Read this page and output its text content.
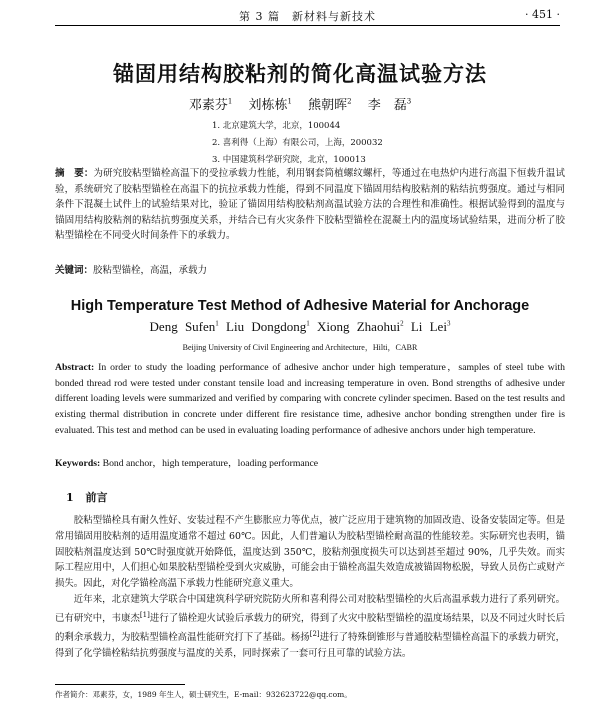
第 3 篇　新材料与新技术	· 451 ·
锚固用结构胶粘剂的简化高温试验方法
邓素芬$^1$ 刘栋栋$^1$ 熊朝晖$^2$ 李　磊$^3$
1. 北京建筑大学，北京，100044
2. 喜利得（上海）有限公司，上海，200032
3. 中国建筑科学研究院，北京，100013
摘　要：为研究胶粘型锚栓高温下的受拉承载力性能，利用钢套筒植螺纹螺杆，等通过在电热炉内进行高温下恒载升温试验，系统研究了胶粘型锚栓在高温下的抗拉承载力性能，得到不同温度下锚固用结构胶粘剂的粘结抗剪强度。通过与相同条件下混凝土试件上的试验结果对比，验证了锚固用结构胶粘剂高温试验方法的合理性和准确性。根据试验得到的温度与锚固用结构胶粘剂的粘结抗剪强度关系，并结合已有火灾条件下胶粘型锚栓在混凝土内的温度场试验结果，进而分析了胶粘型锚栓在不同受火时间条件下的承载力。
关键词：胶粘型锚栓，高温，承载力
High Temperature Test Method of Adhesive Material for Anchorage
Deng Sufen$^1$ Liu Dongdong$^1$ Xiong Zhaohui$^2$ Li Lei$^3$
Beijing University of Civil Engineering and Architecture，Hilti，CABR
Abstract: In order to study the loading performance of adhesive anchor under high temperature，samples of steel tube with bonded thread rod were tested under constant tensile load and increasing temperature in oven. Bond strengths of adhesive under different loading levels were summarized and verified by comparing with concrete cylinder specimen. Based on the test results and existing thermal distribution in concrete under different fire resistance time, adhesive anchor bonding strengthen under fire is evaluated. This test and method can be used in evaluating loading performance of adhesive anchors under high temperature.
Keywords: Bond anchor，high temperature，loading performance
1 前言

胶粘型锚栓具有耐久性好、安装过程不产生膨胀应力等优点，被广泛应用于建筑物的加固改造、设备安装固定等。但是常用锚固用胶粘剂的适用温度通常不超过 60℃。因此，人们普遍认为胶粘型锚栓耐高温的性能较差。实际研究也表明，锚固胶粘剂温度达到 50℃时强度就开始降低，温度达到 350℃，胶粘剂强度损失可以达到甚至超过 90%，几乎失效。而实际工程应用中，人们担心如果胶粘型锚栓受到火灾威胁，可能会由于锚栓高温失效造成被锚固物松脱，导致人员伤亡或财产损失。因此，对化学锚栓高温下承载力性能研究意义重大。

近年来，北京建筑大学联合中国建筑科学研究院防火所和喜利得公司对胶粘型锚栓的火后高温承载力进行了系列研究。已有研究中，韦康杰[1]进行了锚栓迎火试验后承载力的研究，得到了火灾中胶粘型锚栓的温度场结果，以及不同过火时长后的剩余承载力，为胶粘型锚栓高温性能研究打下了基础。杨扬[2]进行了特殊倒锥形与普通胶粘型锚栓高温下的承载力研究，得到了化学锚栓粘结抗剪强度与温度的关系，同时探索了一套可行且可靠的试验方法。

作者简介：邓素芬，女，1989 年生人，硕士研究生，E-mail：932623722@qq.com。
